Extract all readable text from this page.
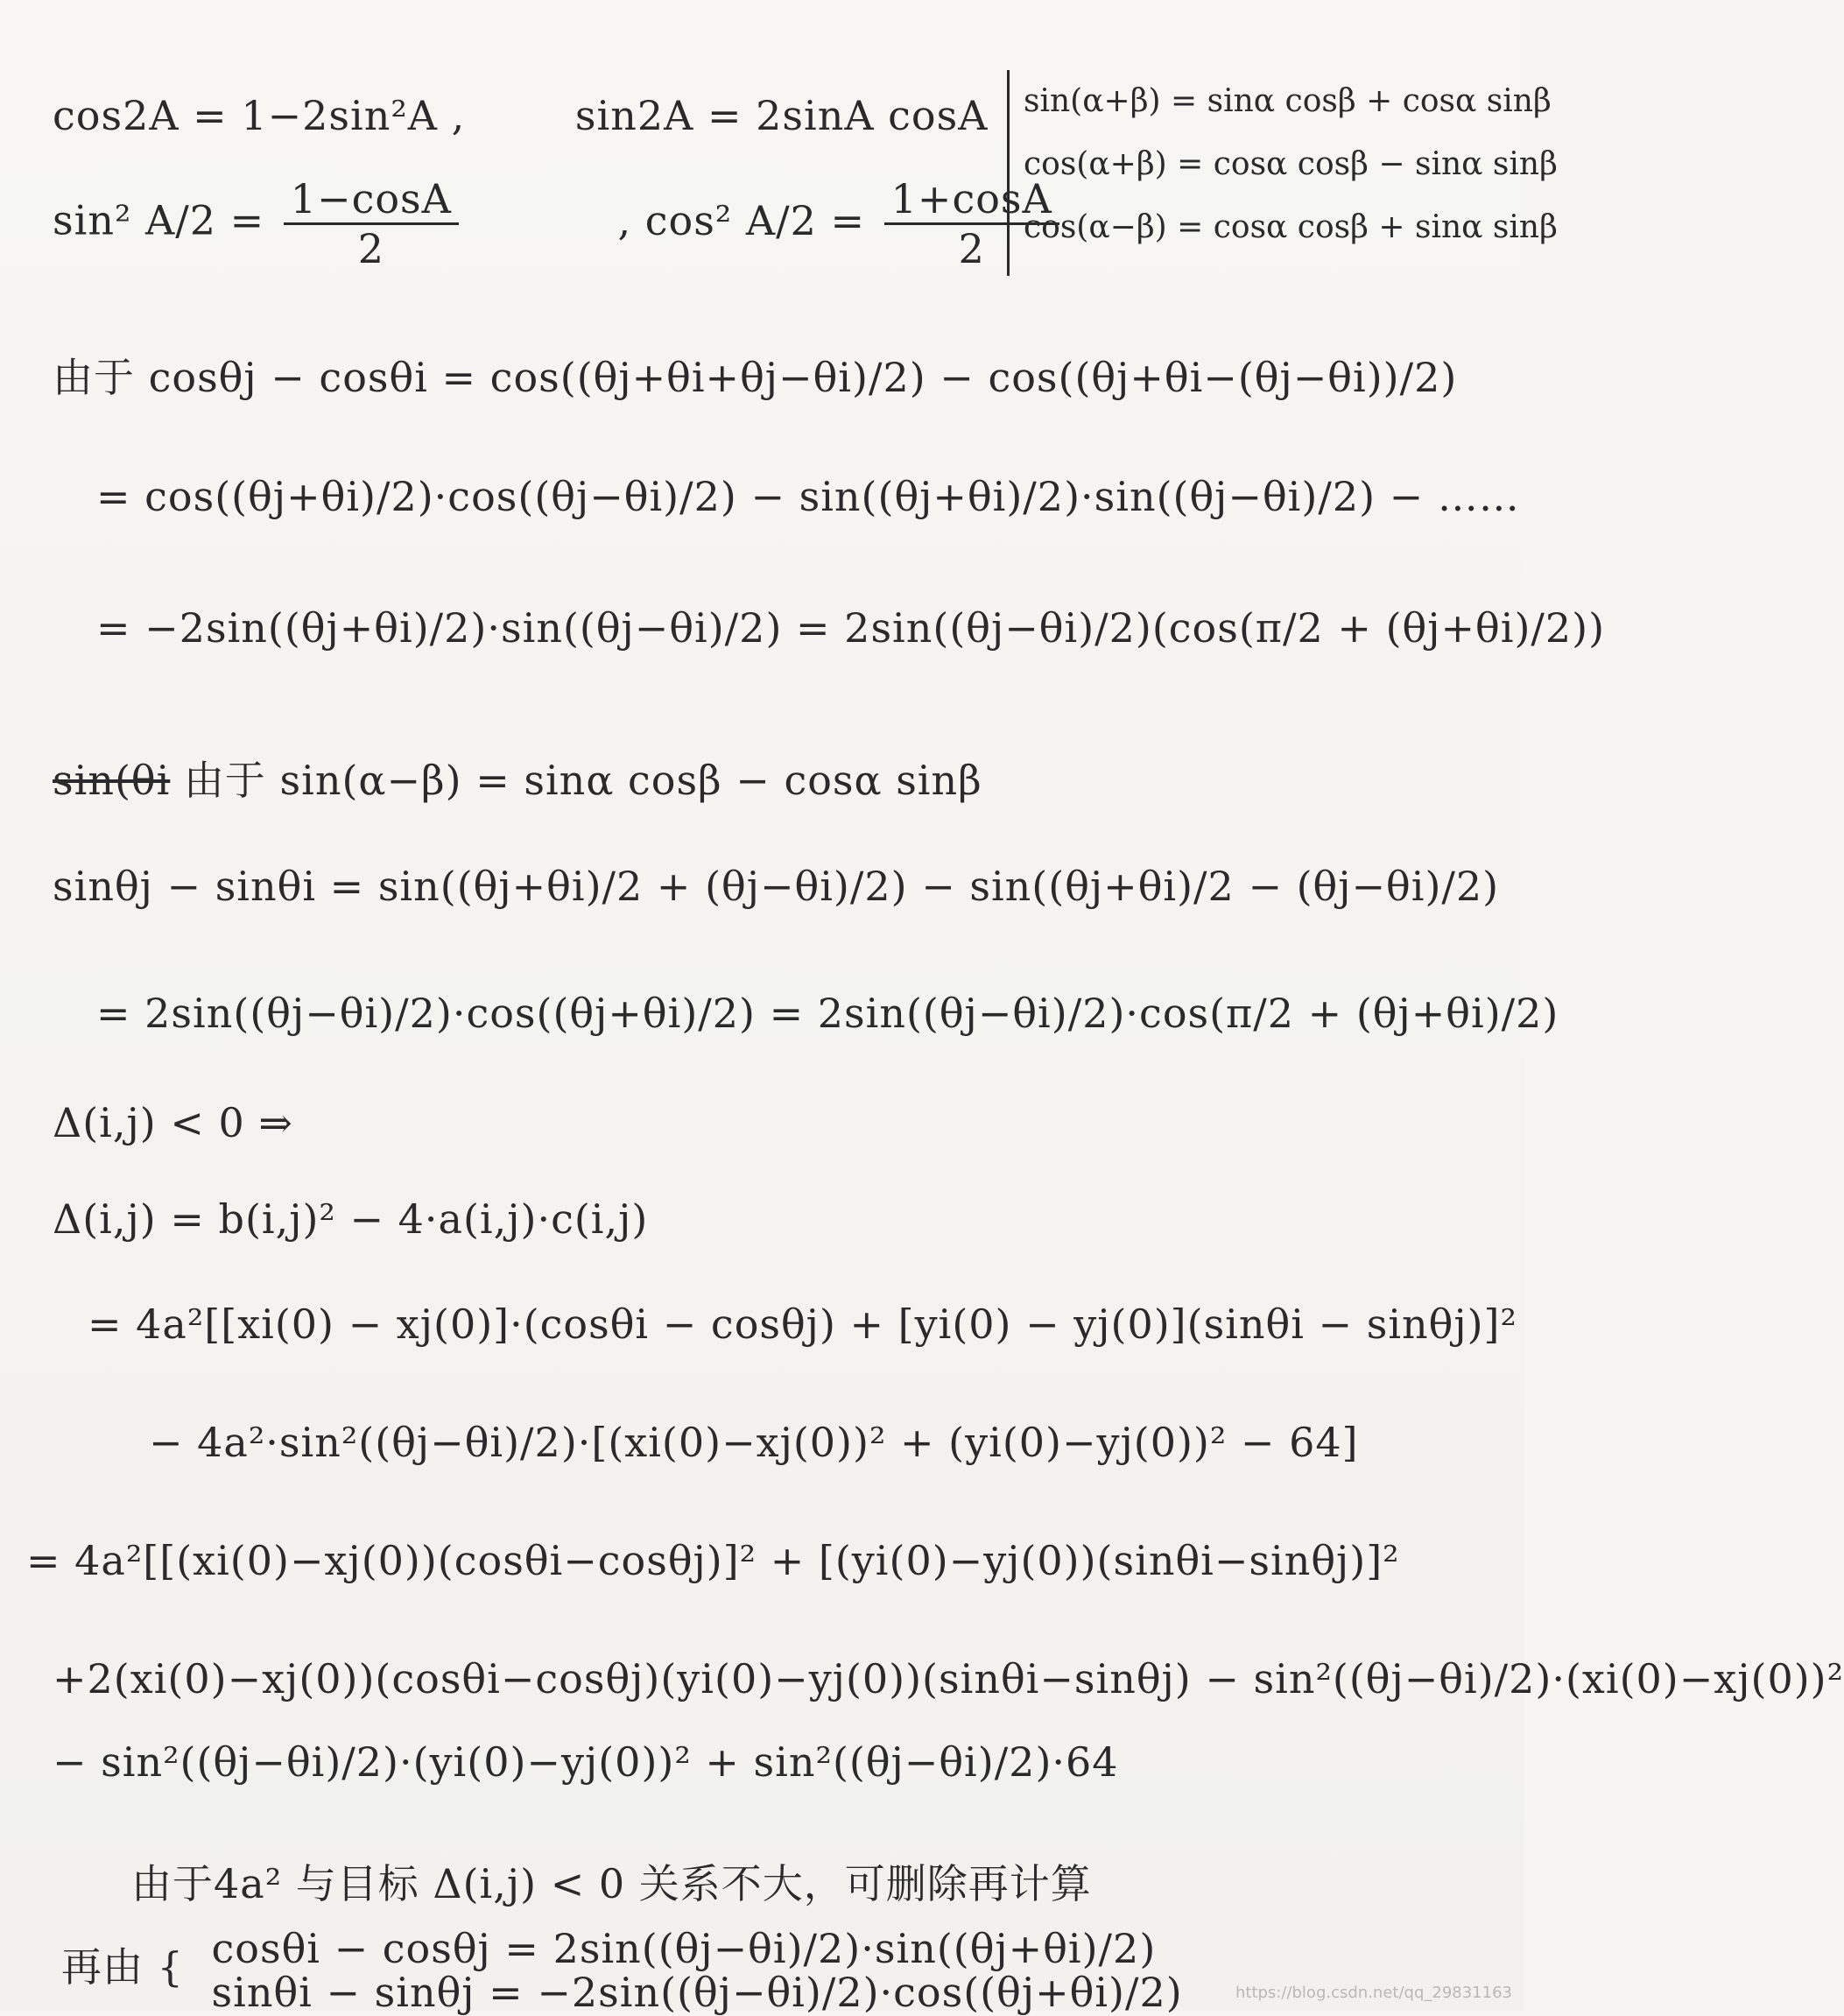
cos2A = 1−2sin²A ,	sin2A = 2sinA cosA
sin² $A/2 = \frac{1-\cos A}{2}$	, cos² $A/2 = \frac{1+\cos A}{2}$
sin(α+β) = sinα cosβ + cosα sinβ
cos(α+β) = cosα cosβ − sinα sinβ
cos(α−β) = cosα cosβ + sinα sinβ
由于 cosθj − cosθi = cos((θj+θi+θj−θi)/2) − cos((θj+θi−(θj−θi))/2)
= cos((θj+θi)/2)·cos((θj−θi)/2) − sin((θj+θi)/2)·sin((θj−θi)/2) − ……
= −2sin((θj+θi)/2)·sin((θj−θi)/2) = 2sin((θj−θi)/2)(cos(π/2 + (θj+θi)/2))
sin(θi 由于 sin(α−β) = sinα cosβ − cosα sinβ
sinθj − sinθi = sin((θj+θi)/2 + (θj−θi)/2) − sin((θj+θi)/2 − (θj−θi)/2)
= 2sin((θj−θi)/2)·cos((θj+θi)/2) = 2sin((θj−θi)/2)·cos(π/2 + (θj+θi)/2)
Δ(i,j) < 0 ⇒
Δ(i,j) = b(i,j)² − 4·a(i,j)·c(i,j)
= 4a²[[xi(0) − xj(0)]·(cosθi − cosθj) + [yi(0) − yj(0)](sinθi − sinθj)]²
− 4a²·sin²((θj−θi)/2)·[(xi(0)−xj(0))² + (yi(0)−yj(0))² − 64]
= 4a²[[(xi(0)−xj(0))(cosθi−cosθj)]² + [(yi(0)−yj(0))(sinθi−sinθj)]²
+2(xi(0)−xj(0))(cosθi−cosθj)(yi(0)−yj(0))(sinθi−sinθj) − sin²((θj−θi)/2)·(xi(0)−xj(0))²
− sin²((θj−θi)/2)·(yi(0)−yj(0))² + sin²((θj−θi)/2)·64
由于4a² 与目标 Δ(i,j) < 0 关系不大，可删除再计算
再由 { cosθi − cosθj = 2sin((θj−θi)/2)·sin((θj+θi)/2)
sinθi − sinθj = −2sin((θj−θi)/2)·cos((θj+θi)/2)	https://blog.csdn.net/qq_29831163
